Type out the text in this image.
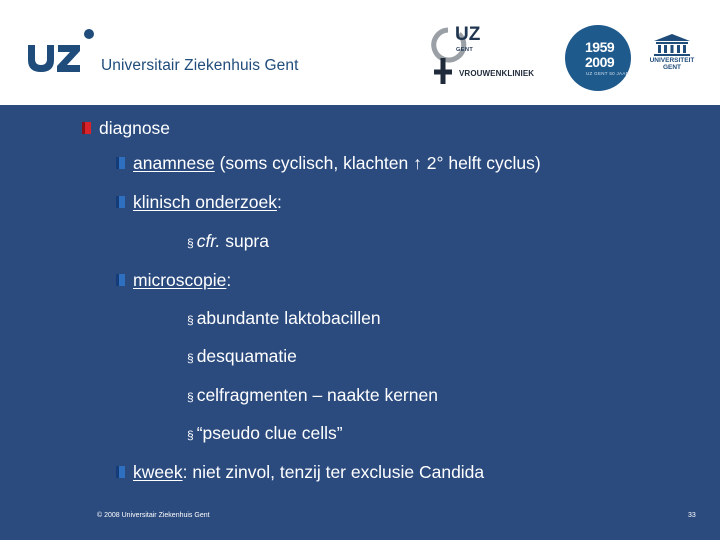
Universitair Ziekenhuis Gent
UZ
GENT
VROUWENKLINIEK
1959
2009
UZ GENT 50 JAAR
UNIVERSITEIT
GENT
diagnose
anamnese (soms cyclisch, klachten ↑ 2° helft cyclus)
klinisch onderzoek:
§ cfr. supra
microscopie:
§ abundante laktobacillen
§ desquamatie
§ celfragmenten – naakte kernen
§ “pseudo clue cells”
kweek: niet zinvol, tenzij ter exclusie Candida
© 2008 Universitair Ziekenhuis Gent	33
